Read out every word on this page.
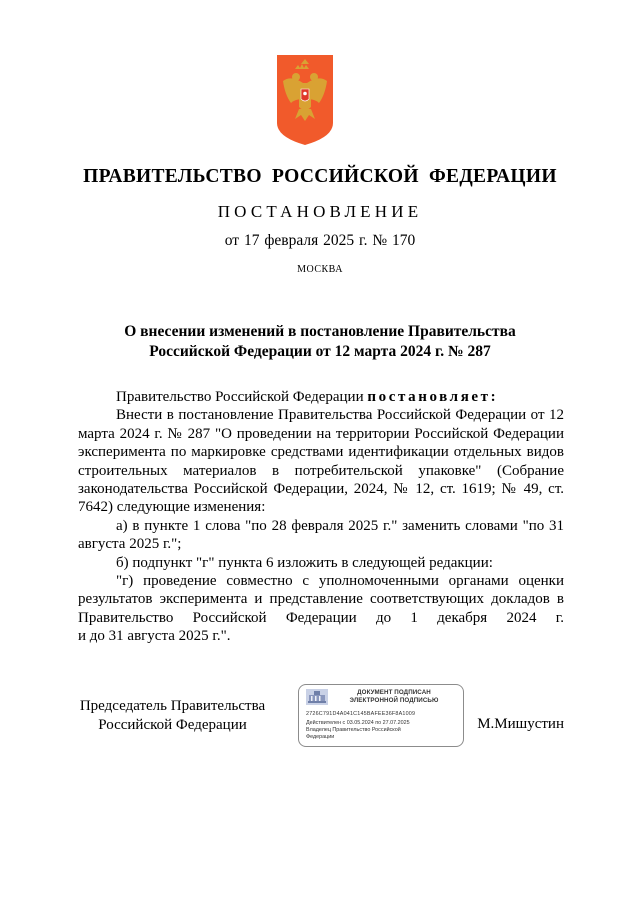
ПРАВИТЕЛЬСТВО РОССИЙСКОЙ ФЕДЕРАЦИИ
ПОСТАНОВЛЕНИЕ
от 17 февраля 2025 г. № 170
МОСКВА
О внесении изменений в постановление Правительства
Российской Федерации от 12 марта 2024 г. № 287

Правительство Российской Федерации постановляет:

Внести в постановление Правительства Российской Федерации от 12 марта 2024 г. № 287 "О проведении на территории Российской Федерации эксперимента по маркировке средствами идентификации отдельных видов строительных материалов в потребительской упаковке" (Собрание законодательства Российской Федерации, 2024, № 12, ст. 1619; № 49, ст. 7642) следующие изменения:

а) в пункте 1 слова "по 28 февраля 2025 г." заменить словами "по 31 августа 2025 г.";

б) подпункт "г" пункта 6 изложить в следующей редакции:

"г) проведение совместно с уполномоченными органами оценки результатов эксперимента и представление соответствующих докладов в Правительство Российской Федерации до 1 декабря 2024 г.

и до 31 августа 2025 г.".

Председатель Правительства
Российской Федерации
ДОКУМЕНТ ПОДПИСАН
ЭЛЕКТРОННОЙ ПОДПИСЬЮ
2726C791D4A041C145BAFEE36F8A1009
Действителен с 03.05.2024 по 27.07.2025
Владелец Правительство Российской
Федерации
М.Мишустин
